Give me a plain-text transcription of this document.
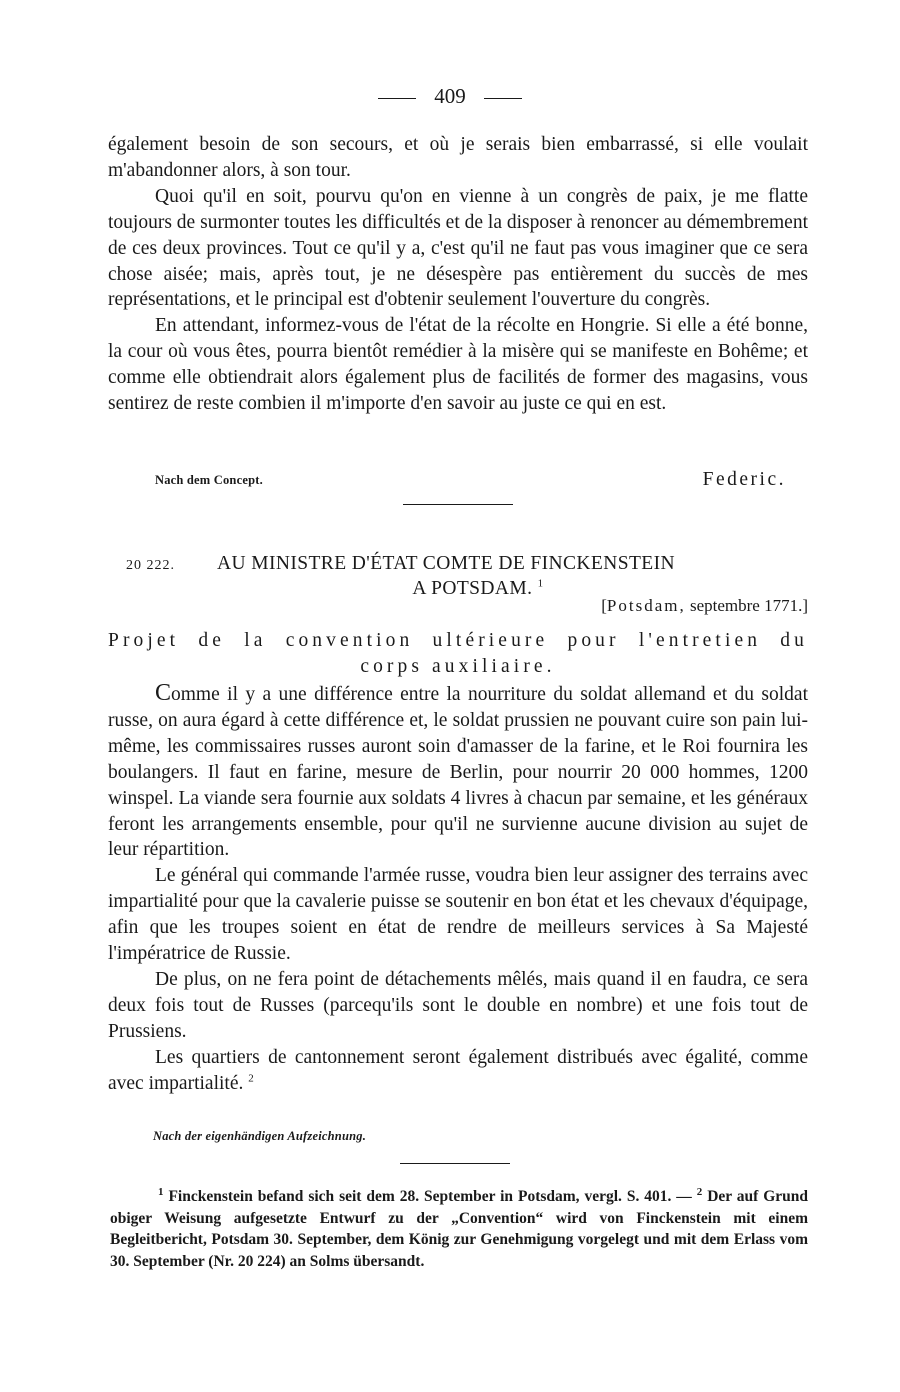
409

également besoin de son secours, et où je serais bien embarrassé, si elle voulait m'abandonner alors, à son tour.

Quoi qu'il en soit, pourvu qu'on en vienne à un congrès de paix, je me flatte toujours de surmonter toutes les difficultés et de la disposer à renoncer au démembrement de ces deux provinces. Tout ce qu'il y a, c'est qu'il ne faut pas vous imaginer que ce sera chose aisée; mais, après tout, je ne désespère pas entièrement du succès de mes représentations, et le principal est d'obtenir seulement l'ouverture du congrès.

En attendant, informez-vous de l'état de la récolte en Hongrie. Si elle a été bonne, la cour où vous êtes, pourra bientôt remédier à la misère qui se manifeste en Bohême; et comme elle obtiendrait alors également plus de facilités de former des magasins, vous sentirez de reste combien il m'importe d'en savoir au juste ce qui en est.

Nach dem Concept.	Federic.
20 222. AU MINISTRE D'ÉTAT COMTE DE FINCKENSTEIN
A POTSDAM. $^1$
[Potsdam, septembre 1771.]
Projet de la convention ultérieure pour l'entretien du
corps auxiliaire.

Comme il y a une différence entre la nourriture du soldat allemand et du soldat russe, on aura égard à cette différence et, le soldat prussien ne pouvant cuire son pain lui-même, les commissaires russes auront soin d'amasser de la farine, et le Roi fournira les boulangers. Il faut en farine, mesure de Berlin, pour nourrir 20 000 hommes, 1200 winspel. La viande sera fournie aux soldats 4 livres à chacun par semaine, et les généraux feront les arrangements ensemble, pour qu'il ne survienne aucune division au sujet de leur répartition.

Le général qui commande l'armée russe, voudra bien leur assigner des terrains avec impartialité pour que la cavalerie puisse se soutenir en bon état et les chevaux d'équipage, afin que les troupes soient en état de rendre de meilleurs services à Sa Majesté l'impératrice de Russie.

De plus, on ne fera point de détachements mêlés, mais quand il en faudra, ce sera deux fois tout de Russes (parcequ'ils sont le double en nombre) et une fois tout de Prussiens.

Les quartiers de cantonnement seront également distribués avec égalité, comme avec impartialité. $^2$

Nach der eigenhändigen Aufzeichnung.

$^1$ Finckenstein befand sich seit dem 28. September in Potsdam, vergl. S. 401. — $^2$ Der auf Grund obiger Weisung aufgesetzte Entwurf zu der „Convention“ wird von Finckenstein mit einem Begleitbericht, Potsdam 30. September, dem König zur Genehmigung vorgelegt und mit dem Erlass vom 30. September (Nr. 20 224) an Solms übersandt.
